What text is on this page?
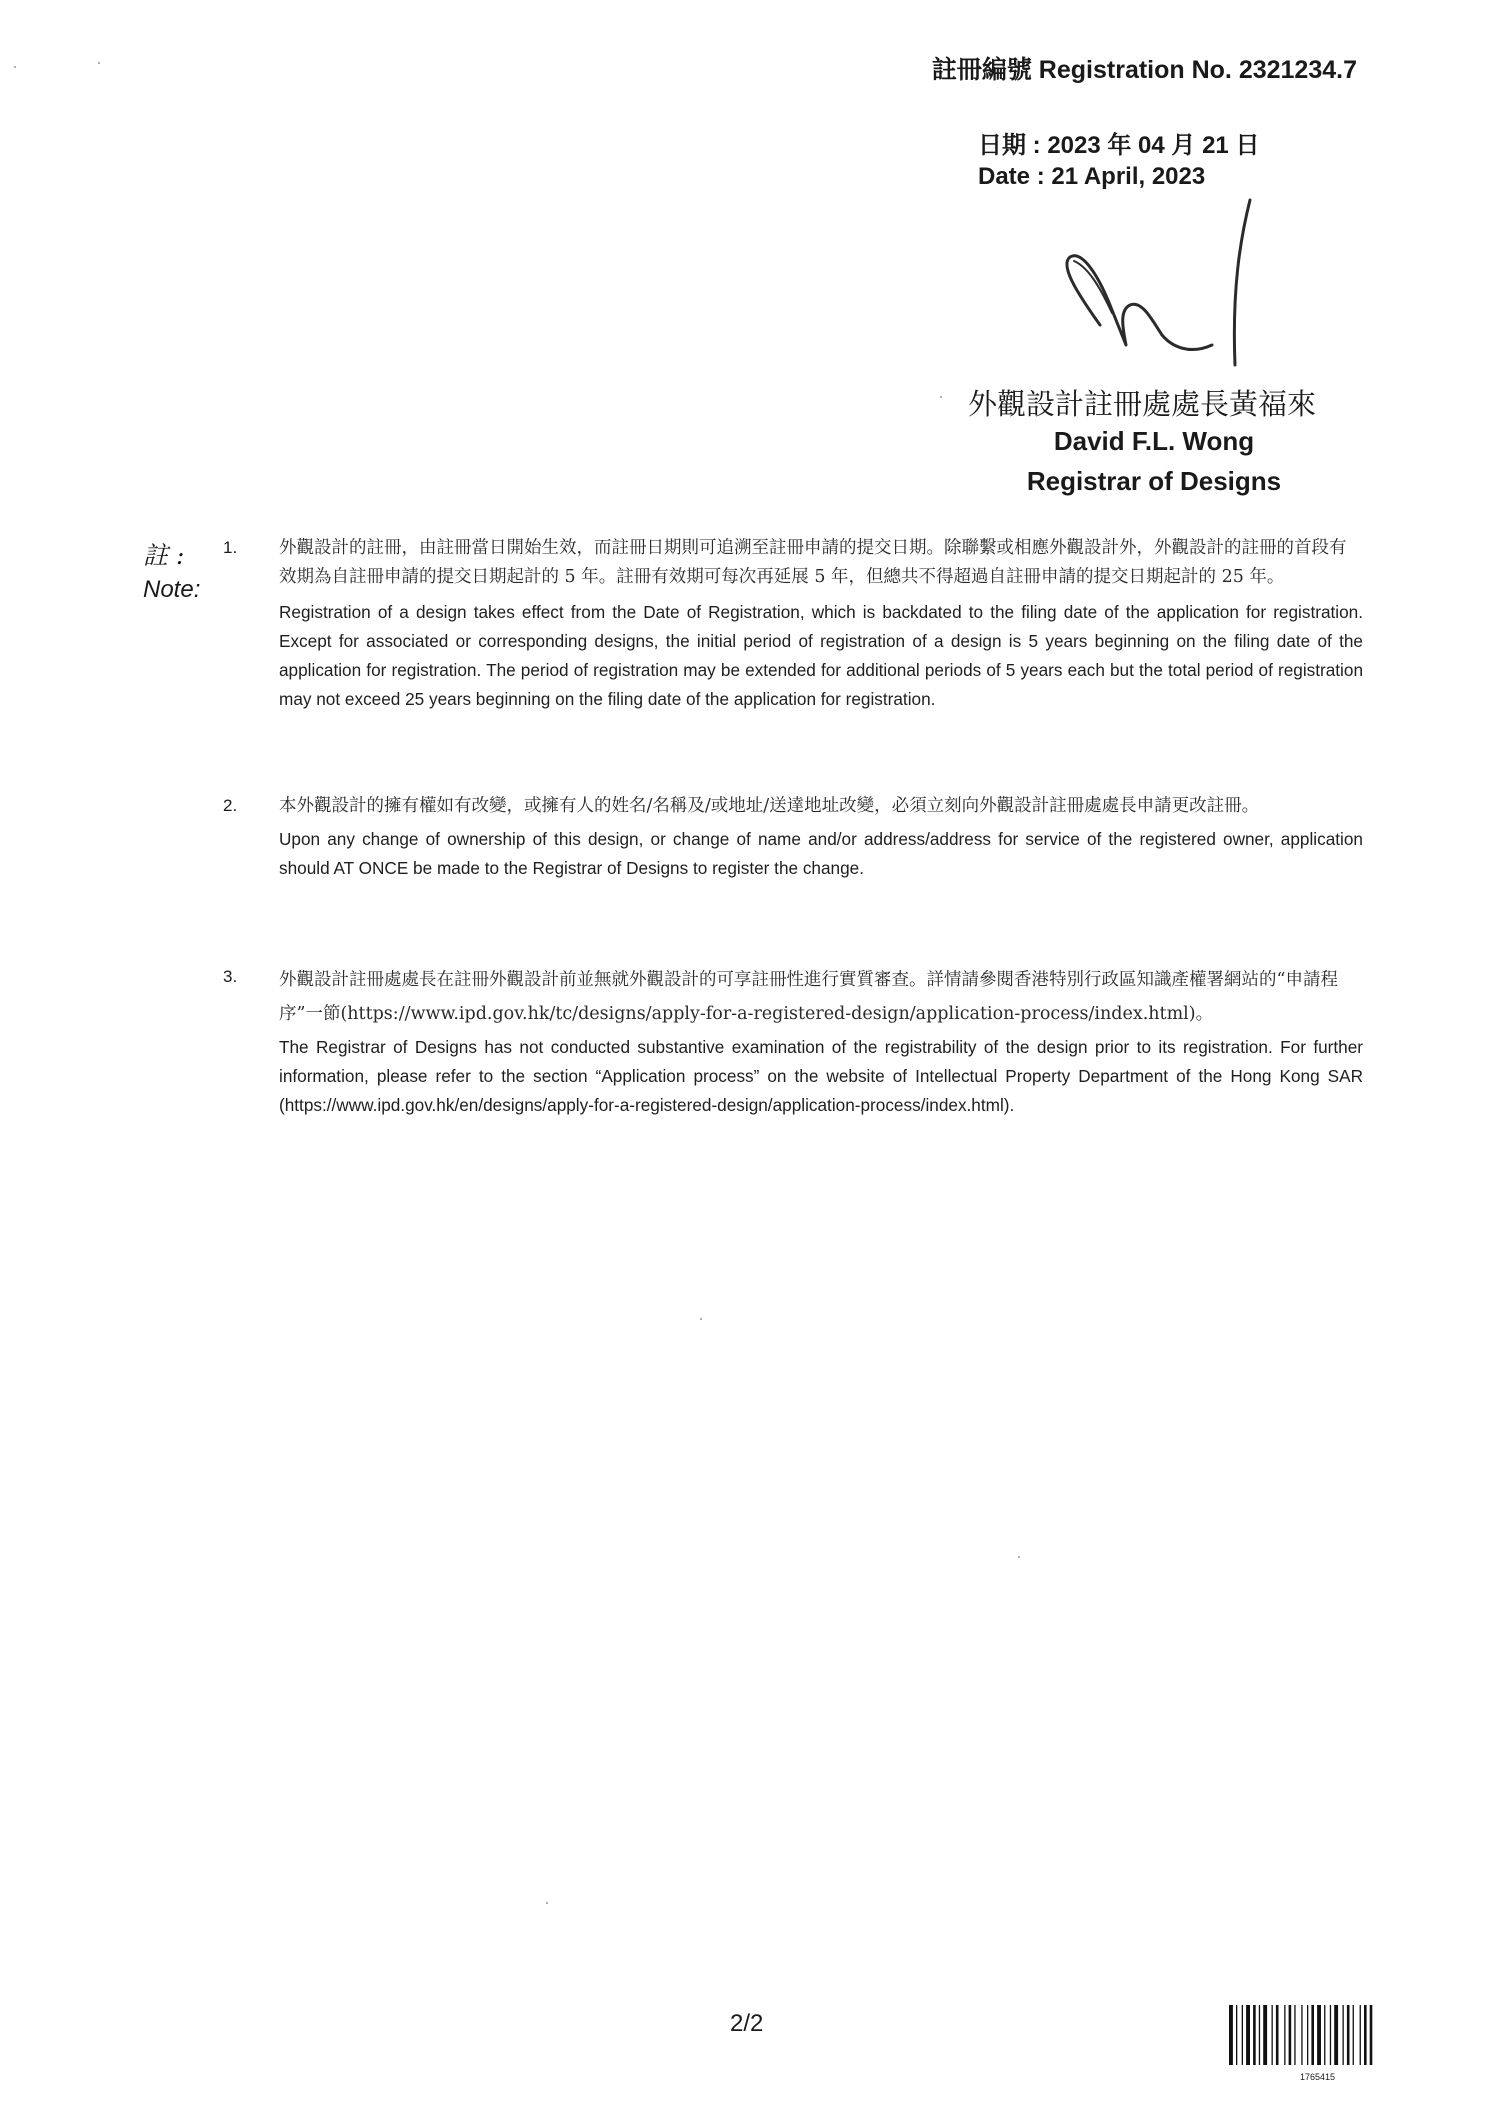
註冊編號 Registration No. 2321234.7
日期 : 2023 年 04 月 21 日
Date : 21 April, 2023
外觀設計註冊處處長黃福來
David F.L. Wong
Registrar of Designs
註 :
Note:
1. 外觀設計的註冊，由註冊當日開始生效，而註冊日期則可追溯至註冊申請的提交日期。除聯繫或相應外觀設計外，外觀設計的註冊的首段有效期為自註冊申請的提交日期起計的 5 年。註冊有效期可每次再延展 5 年，但總共不得超過自註冊申請的提交日期起計的 25 年。
Registration of a design takes effect from the Date of Registration, which is backdated to the filing date of the application for registration. Except for associated or corresponding designs, the initial period of registration of a design is 5 years beginning on the filing date of the application for registration. The period of registration may be extended for additional periods of 5 years each but the total period of registration may not exceed 25 years beginning on the filing date of the application for registration.
2. 本外觀設計的擁有權如有改變，或擁有人的姓名/名稱及/或地址/送達地址改變，必須立刻向外觀設計註冊處處長申請更改註冊。
Upon any change of ownership of this design, or change of name and/or address/address for service of the registered owner, application should AT ONCE be made to the Registrar of Designs to register the change.
3. 外觀設計註冊處處長在註冊外觀設計前並無就外觀設計的可享註冊性進行實質審查。詳情請參閱香港特別行政區知識產權署網站的“申請程序”一節(https://www.ipd.gov.hk/tc/designs/apply-for-a-registered-design/application-process/index.html)。
The Registrar of Designs has not conducted substantive examination of the registrability of the design prior to its registration. For further information, please refer to the section “Application process” on the website of Intellectual Property Department of the Hong Kong SAR (https://www.ipd.gov.hk/en/designs/apply-for-a-registered-design/application-process/index.html).
2/2
1765415
